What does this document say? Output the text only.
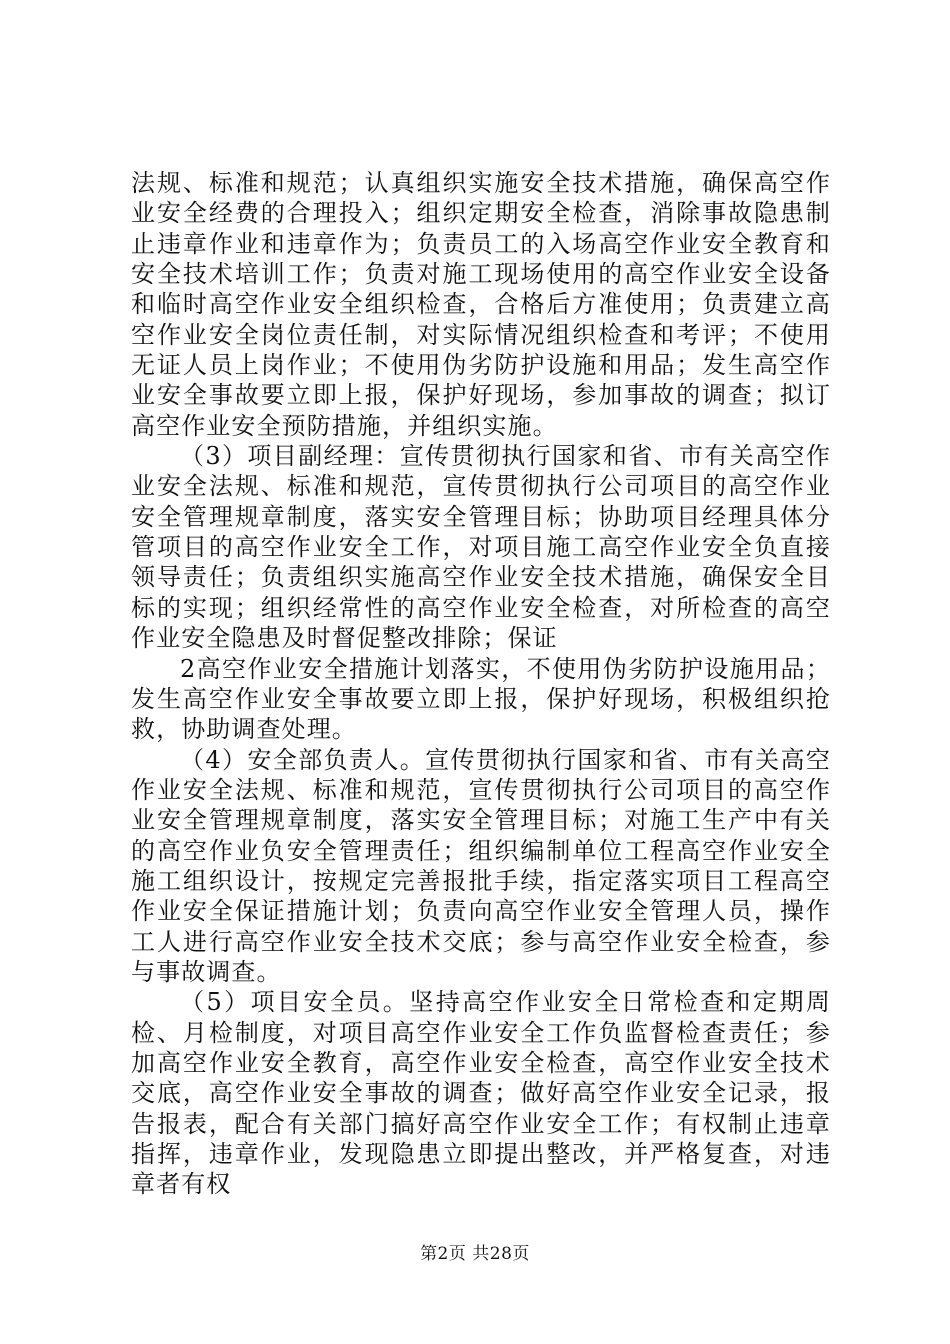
法规、标准和规范；认真组织实施安全技术措施，确保高空作业安全经费的合理投入；组织定期安全检查，消除事故隐患制止违章作业和违章作为；负责员工的入场高空作业安全教育和安全技术培训工作；负责对施工现场使用的高空作业安全设备和临时高空作业安全组织检查，合格后方准使用；负责建立高空作业安全岗位责任制，对实际情况组织检查和考评；不使用无证人员上岗作业；不使用伪劣防护设施和用品；发生高空作业安全事故要立即上报，保护好现场，参加事故的调查；拟订高空作业安全预防措施，并组织实施。

（3）项目副经理：宣传贯彻执行国家和省、市有关高空作业安全法规、标准和规范，宣传贯彻执行公司项目的高空作业安全管理规章制度，落实安全管理目标；协助项目经理具体分管项目的高空作业安全工作，对项目施工高空作业安全负直接领导责任；负责组织实施高空作业安全技术措施，确保安全目标的实现；组织经常性的高空作业安全检查，对所检查的高空作业安全隐患及时督促整改排除；保证

2高空作业安全措施计划落实，不使用伪劣防护设施用品；发生高空作业安全事故要立即上报，保护好现场，积极组织抢救，协助调查处理。

（4）安全部负责人。宣传贯彻执行国家和省、市有关高空作业安全法规、标准和规范，宣传贯彻执行公司项目的高空作业安全管理规章制度，落实安全管理目标；对施工生产中有关的高空作业负安全管理责任；组织编制单位工程高空作业安全施工组织设计，按规定完善报批手续，指定落实项目工程高空作业安全保证措施计划；负责向高空作业安全管理人员，操作工人进行高空作业安全技术交底；参与高空作业安全检查，参与事故调查。

（5）项目安全员。坚持高空作业安全日常检查和定期周检、月检制度，对项目高空作业安全工作负监督检查责任；参加高空作业安全教育，高空作业安全检查，高空作业安全技术交底，高空作业安全事故的调查；做好高空作业安全记录，报告报表，配合有关部门搞好高空作业安全工作；有权制止违章指挥，违章作业，发现隐患立即提出整改，并严格复查，对违章者有权

第2页 共28页
